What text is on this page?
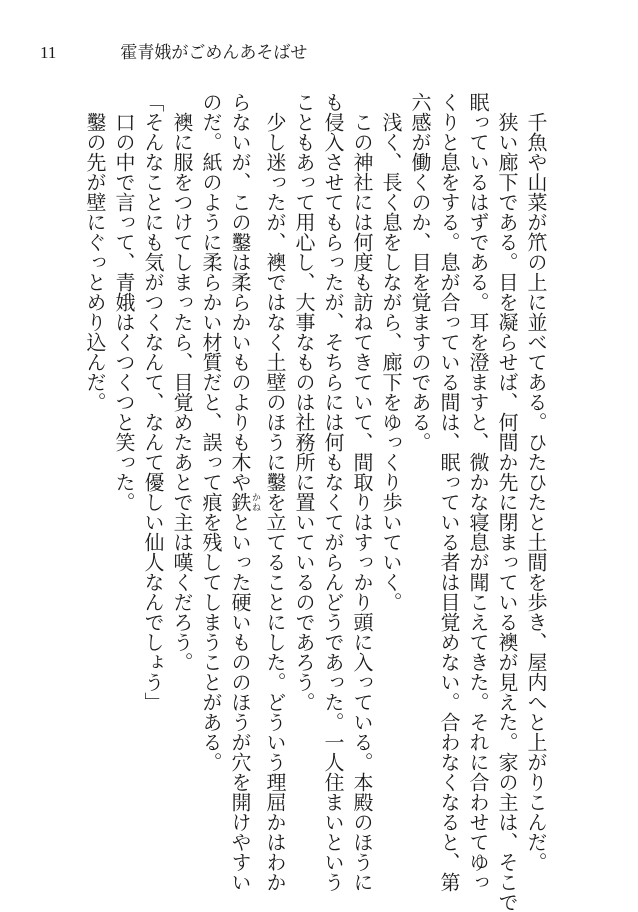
11	霍青娥がごめんあそばせ
　千魚や山菜が笊の上に並べてある。ひたひたと土間を歩き、屋内へと上がりこんだ。
　狭い廊下である。目を凝らせば、何間か先に閉まっている襖が見えた。家の主は、そこで
眠っているはずである。耳を澄ますと、微かな寝息が聞こえてきた。それに合わせてゆっ
くりと息をする。息が合っている間は、眠っている者は目覚めない。合わなくなると、第
六感が働くのか、目を覚ますのである。
　浅く、長く息をしながら、廊下をゆっくり歩いていく。
　この神社には何度も訪ねてきていて、間取りはすっかり頭に入っている。本殿のほうに
も侵入させてもらったが、そちらには何もなくてがらんどうであった。一人住まいという
こともあって用心し、大事なものは社務所に置いているのであろう。
　少し迷ったが、襖ではなく土壁のほうに鑿を立てることにした。どういう理屈かはわか
らないが、この鑿は柔らかいものよりも木や鉄かねといった硬いもののほうが穴を開けやすい
のだ。紙のように柔らかい材質だと、誤って痕を残してしまうことがある。
　襖に服をつけてしまったら、目覚めたあとで主は嘆くだろう。
「そんなことにも気がつくなんて、なんて優しい仙人なんでしょう」
　口の中で言って、青娥はくつくつと笑った。
　鑿の先が壁にぐっとめり込んだ。
